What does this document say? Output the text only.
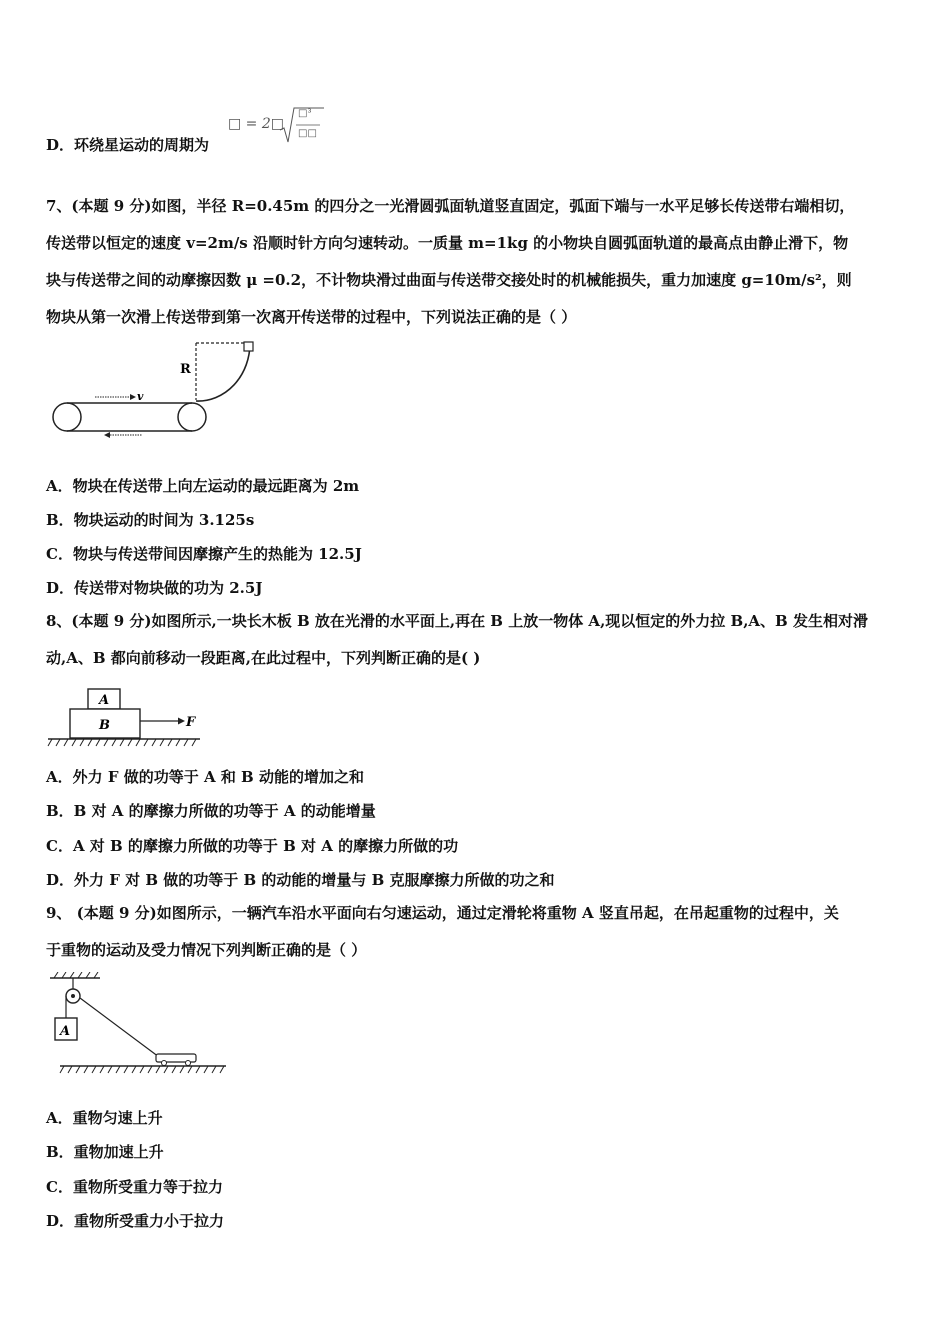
D．环绕星运动的周期为
□ = 2□
□³
□□

7、(本题 9 分)如图，半径 R=0.45m 的四分之一光滑圆弧面轨道竖直固定，弧面下端与一水平足够长传送带右端相切，

传送带以恒定的速度 v=2m/s 沿顺时针方向匀速转动。一质量 m=1kg 的小物块自圆弧面轨道的最高点由静止滑下，物

块与传送带之间的动摩擦因数 μ =0.2，不计物块滑过曲面与传送带交接处时的机械能损失，重力加速度 g=10m/s²，则

物块从第一次滑上传送带到第一次离开传送带的过程中，下列说法正确的是（ ）

R
v
A．物块在传送带上向左运动的最远距离为 2m
B．物块运动的时间为 3.125s
C．物块与传送带间因摩擦产生的热能为 12.5J
D．传送带对物块做的功为 2.5J

8、(本题 9 分)如图所示,一块长木板 B 放在光滑的水平面上,再在 B 上放一物体 A,现以恒定的外力拉 B,A、B 发生相对滑

动,A、B 都向前移动一段距离,在此过程中，下列判断正确的是( )

A
B	F
A．外力 F 做的功等于 A 和 B 动能的增加之和
B．B 对 A 的摩擦力所做的功等于 A 的动能增量
C．A 对 B 的摩擦力所做的功等于 B 对 A 的摩擦力所做的功
D．外力 F 对 B 做的功等于 B 的动能的增量与 B 克服摩擦力所做的功之和

9、 (本题 9 分)如图所示，一辆汽车沿水平面向右匀速运动，通过定滑轮将重物 A 竖直吊起，在吊起重物的过程中，关

于重物的运动及受力情况下列判断正确的是（ ）

A
A．重物匀速上升
B．重物加速上升
C．重物所受重力等于拉力
D．重物所受重力小于拉力
